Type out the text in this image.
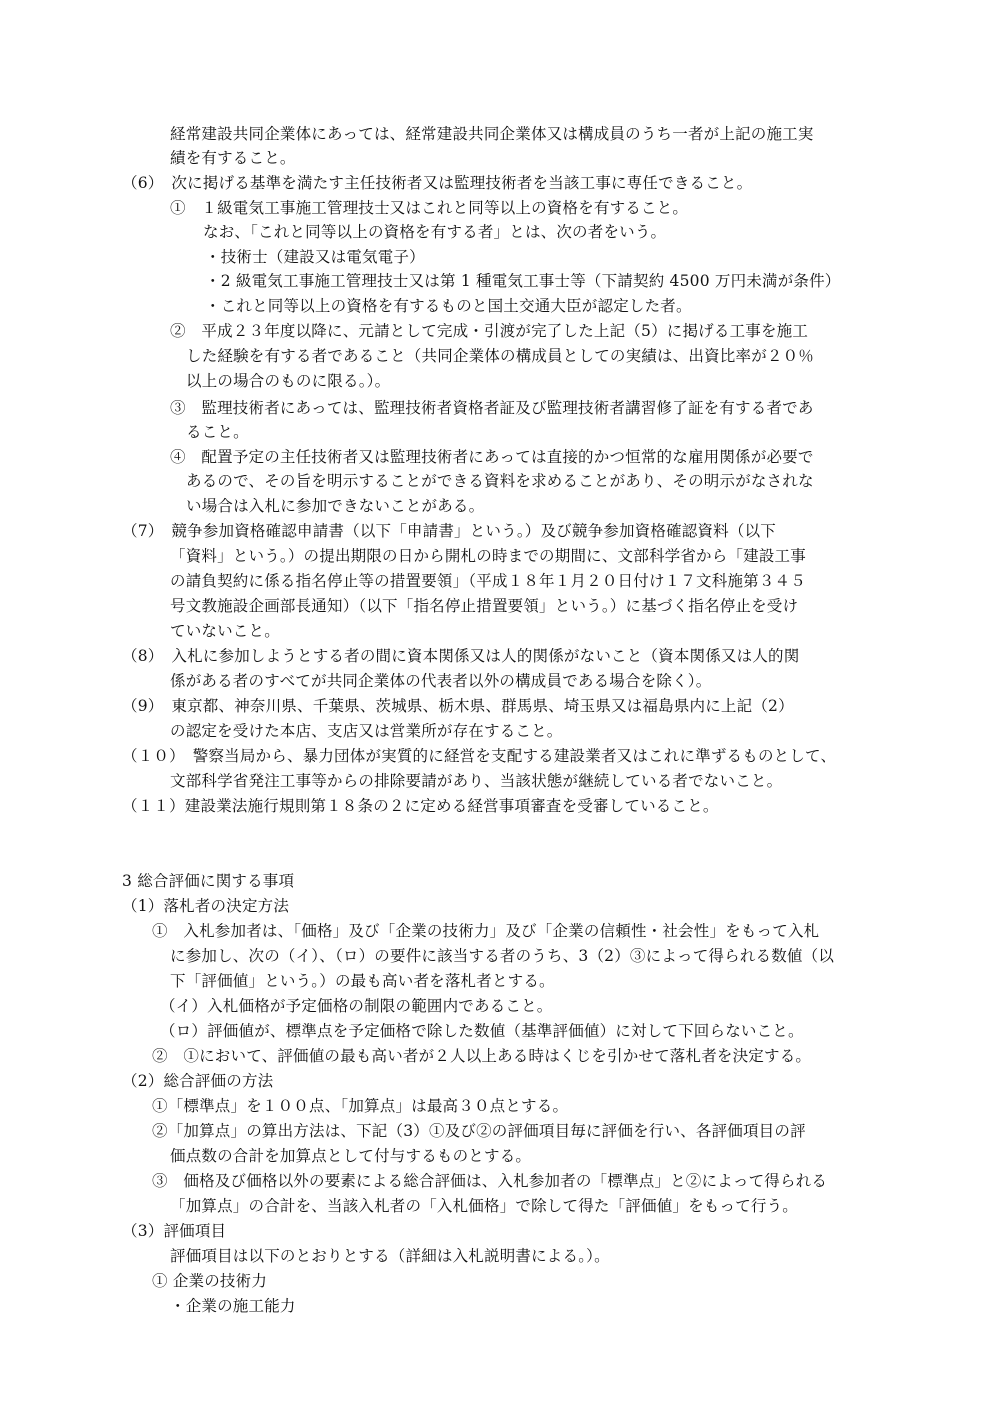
経常建設共同企業体にあっては、経常建設共同企業体又は構成員のうち一者が上記の施工実
績を有すること。
（6）　次に掲げる基準を満たす主任技術者又は監理技術者を当該工事に専任できること。
①　１級電気工事施工管理技士又はこれと同等以上の資格を有すること。
なお、「これと同等以上の資格を有する者」とは、次の者をいう。
・技術士（建設又は電気電子）
・2 級電気工事施工管理技士又は第 1 種電気工事士等（下請契約 4500 万円未満が条件）
・これと同等以上の資格を有するものと国土交通大臣が認定した者。
②　平成２３年度以降に、元請として完成・引渡が完了した上記（5）に掲げる工事を施工
した経験を有する者であること（共同企業体の構成員としての実績は、出資比率が２０％
以上の場合のものに限る。）。
③　監理技術者にあっては、監理技術者資格者証及び監理技術者講習修了証を有する者であ
ること。
④　配置予定の主任技術者又は監理技術者にあっては直接的かつ恒常的な雇用関係が必要で
あるので、その旨を明示することができる資料を求めることがあり、その明示がなされな
い場合は入札に参加できないことがある。
（7）　競争参加資格確認申請書（以下「申請書」という。）及び競争参加資格確認資料（以下
「資料」という。）の提出期限の日から開札の時までの期間に、文部科学省から「建設工事
の請負契約に係る指名停止等の措置要領」（平成１８年１月２０日付け１７文科施第３４５
号文教施設企画部長通知）（以下「指名停止措置要領」という。）に基づく指名停止を受け
ていないこと。
（8）　入札に参加しようとする者の間に資本関係又は人的関係がないこと（資本関係又は人的関
係がある者のすべてが共同企業体の代表者以外の構成員である場合を除く）。
（9）　東京都、神奈川県、千葉県、茨城県、栃木県、群馬県、埼玉県又は福島県内に上記（2）
の認定を受けた本店、支店又は営業所が存在すること。
（１０）　警察当局から、暴力団体が実質的に経営を支配する建設業者又はこれに準ずるものとして、
文部科学省発注工事等からの排除要請があり、当該状態が継続している者でないこと。
（１１）建設業法施行規則第１８条の２に定める経営事項審査を受審していること。
3 総合評価に関する事項
（1）落札者の決定方法
①　入札参加者は、「価格」及び「企業の技術力」及び「企業の信頼性・社会性」をもって入札
に参加し、次の（イ）、（ロ）の要件に該当する者のうち、3（2）③によって得られる数値（以
下「評価値」という。）の最も高い者を落札者とする。
（イ）入札価格が予定価格の制限の範囲内であること。
（ロ）評価値が、標準点を予定価格で除した数値（基準評価値）に対して下回らないこと。
②　①において、評価値の最も高い者が２人以上ある時はくじを引かせて落札者を決定する。
（2）総合評価の方法
①「標準点」を１００点、「加算点」は最高３０点とする。
②「加算点」の算出方法は、下記（3）①及び②の評価項目毎に評価を行い、各評価項目の評
価点数の合計を加算点として付与するものとする。
③　価格及び価格以外の要素による総合評価は、入札参加者の「標準点」と②によって得られる
「加算点」の合計を、当該入札者の「入札価格」で除して得た「評価値」をもって行う。
（3）評価項目
評価項目は以下のとおりとする（詳細は入札説明書による。）。
① 企業の技術力
・企業の施工能力
